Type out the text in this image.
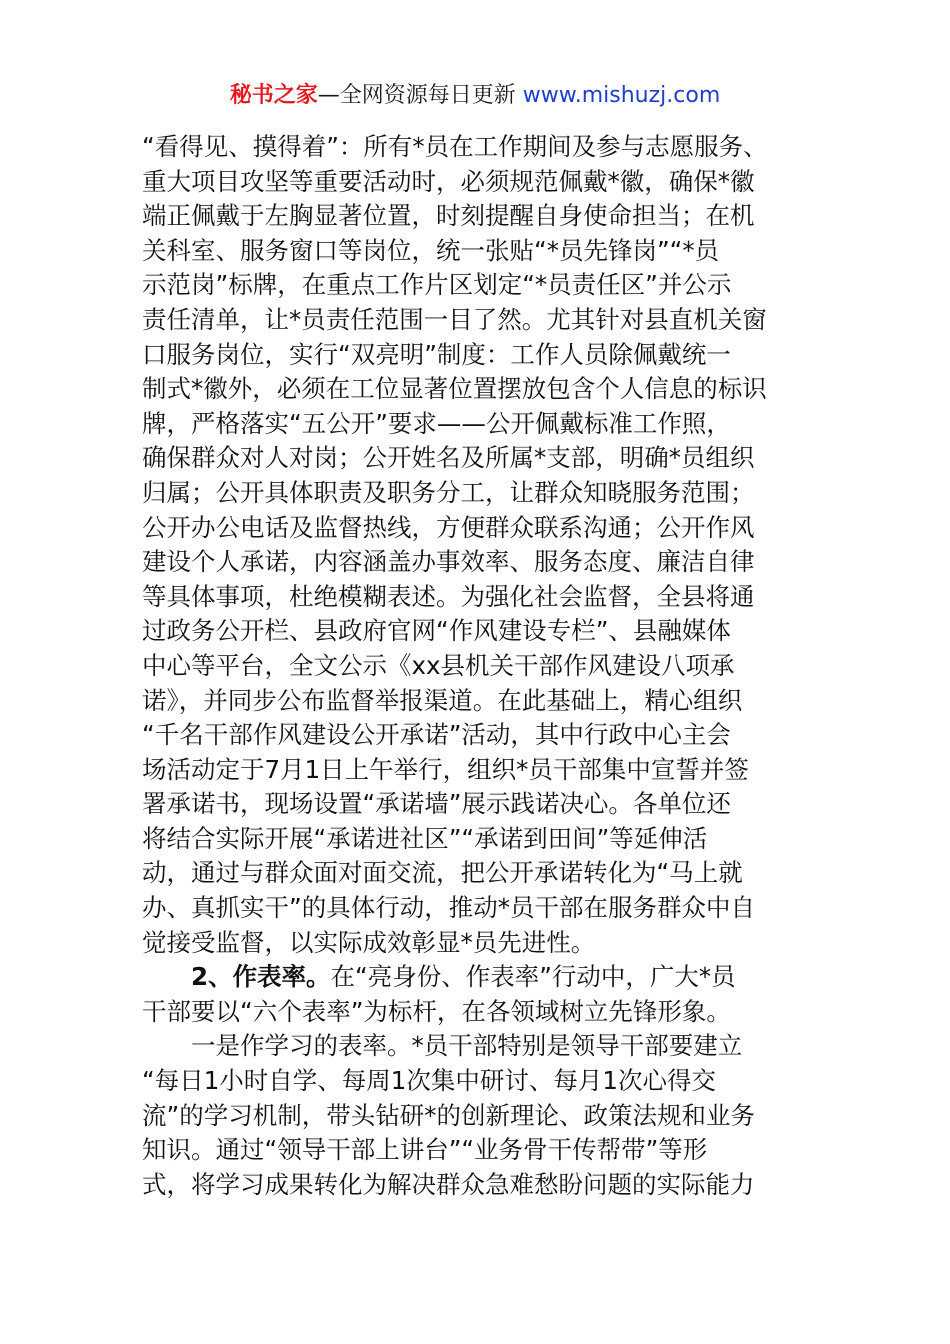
秘书之家—全网资源每日更新 www.mishuzj.com
“看得见、摸得着”：所有*员在工作期间及参与志愿服务、
重大项目攻坚等重要活动时，必须规范佩戴*徽，确保*徽
端正佩戴于左胸显著位置，时刻提醒自身使命担当；在机
关科室、服务窗口等岗位，统一张贴“*员先锋岗”“*员
示范岗”标牌，在重点工作片区划定“*员责任区”并公示
责任清单，让*员责任范围一目了然。尤其针对县直机关窗
口服务岗位，实行“双亮明”制度：工作人员除佩戴统一
制式*徽外，必须在工位显著位置摆放包含个人信息的标识
牌，严格落实“五公开”要求——公开佩戴标准工作照，
确保群众对人对岗；公开姓名及所属*支部，明确*员组织
归属；公开具体职责及职务分工，让群众知晓服务范围；
公开办公电话及监督热线，方便群众联系沟通；公开作风
建设个人承诺，内容涵盖办事效率、服务态度、廉洁自律
等具体事项，杜绝模糊表述。为强化社会监督，全县将通
过政务公开栏、县政府官网“作风建设专栏”、县融媒体
中心等平台，全文公示《xx县机关干部作风建设八项承
诺》，并同步公布监督举报渠道。在此基础上，精心组织
“千名干部作风建设公开承诺”活动，其中行政中心主会
场活动定于7月1日上午举行，组织*员干部集中宣誓并签
署承诺书，现场设置“承诺墙”展示践诺决心。各单位还
将结合实际开展“承诺进社区”“承诺到田间”等延伸活
动，通过与群众面对面交流，把公开承诺转化为“马上就
办、真抓实干”的具体行动，推动*员干部在服务群众中自
觉接受监督，以实际成效彰显*员先进性。
2、作表率。在“亮身份、作表率”行动中，广大*员
干部要以“六个表率”为标杆，在各领域树立先锋形象。
一是作学习的表率。*员干部特别是领导干部要建立
“每日1小时自学、每周1次集中研讨、每月1次心得交
流”的学习机制，带头钻研*的创新理论、政策法规和业务
知识。通过“领导干部上讲台”“业务骨干传帮带”等形
式，将学习成果转化为解决群众急难愁盼问题的实际能力
